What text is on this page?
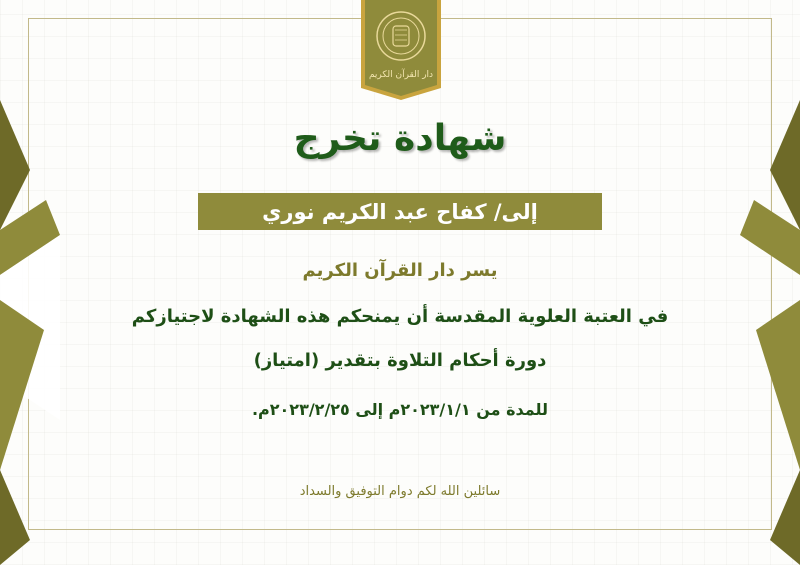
دار القرآن الكريم
شهادة تخرج
إلى/ كفاح عبد الكريم نوري
يسر دار القرآن الكريم
في العتبة العلوية المقدسة أن يمنحكم هذه الشهادة لاجتيازكم
دورة أحكام التلاوة بتقدير (امتياز)
للمدة من ٢٠٢٣/١/١م إلى ٢٠٢٣/٢/٢٥م.
سائلين الله لكم دوام التوفيق والسداد
